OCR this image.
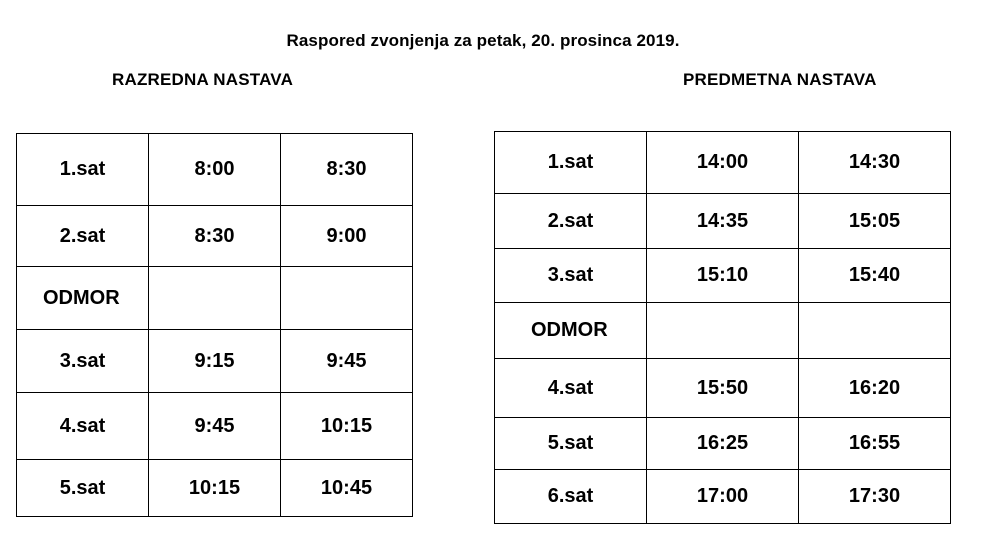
Raspored zvonjenja za petak, 20. prosinca 2019.
RAZREDNA NASTAVA	PREDMETNA NASTAVA
1.sat	8:00	8:30
2.sat	8:30	9:00
ODMOR		
3.sat	9:15	9:45
4.sat	9:45	10:15
5.sat	10:15	10:45
1.sat	14:00	14:30
2.sat	14:35	15:05
3.sat	15:10	15:40
ODMOR		
4.sat	15:50	16:20
5.sat	16:25	16:55
6.sat	17:00	17:30
